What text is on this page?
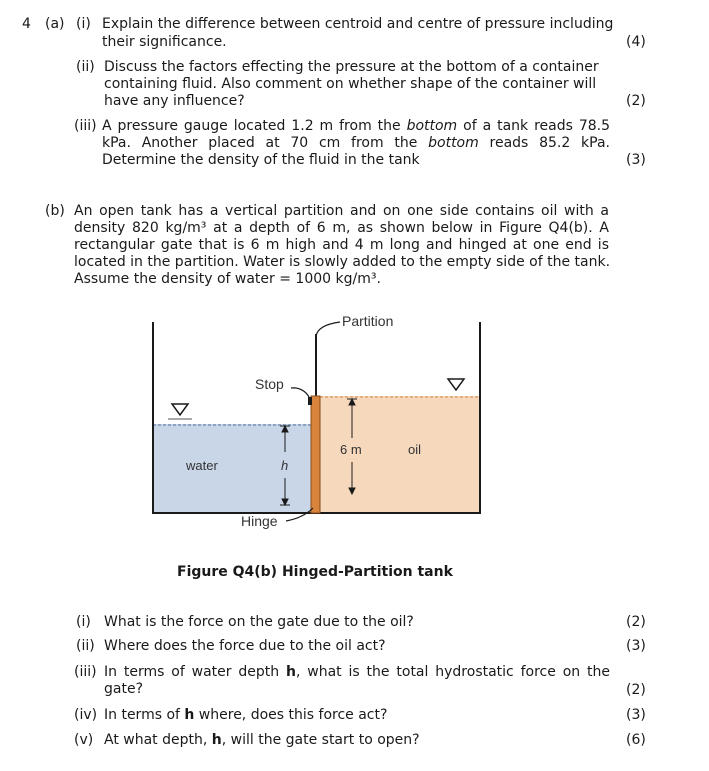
4 (a) (i) Explain the difference between centroid and centre of pressure including
their significance.	(4)
(ii) Discuss the factors effecting the pressure at the bottom of a container
containing fluid. Also comment on whether shape of the container will
have any influence?	(2)
(iii) A pressure gauge located 1.2 m from the bottom of a tank reads 78.5
kPa. Another placed at 70 cm from the bottom reads 85.2 kPa.
Determine the density of the fluid in the tank	(3)
(b) An open tank has a vertical partition and on one side contains oil with a
density 820 kg/m³ at a depth of 6 m, as shown below in Figure Q4(b). A
rectangular gate that is 6 m high and 4 m long and hinged at one end is
located in the partition. Water is slowly added to the empty side of the tank.
Assume the density of water = 1000 kg/m³.
Partition
Stop
6 m	oil
water	h
Hinge
Figure Q4(b) Hinged-Partition tank
(i) What is the force on the gate due to the oil?	(2)
(ii) Where does the force due to the oil act?	(3)
(iii) In terms of water depth h, what is the total hydrostatic force on the
gate?	(2)
(iv) In terms of h where, does this force act?	(3)
(v) At what depth, h, will the gate start to open?	(6)
